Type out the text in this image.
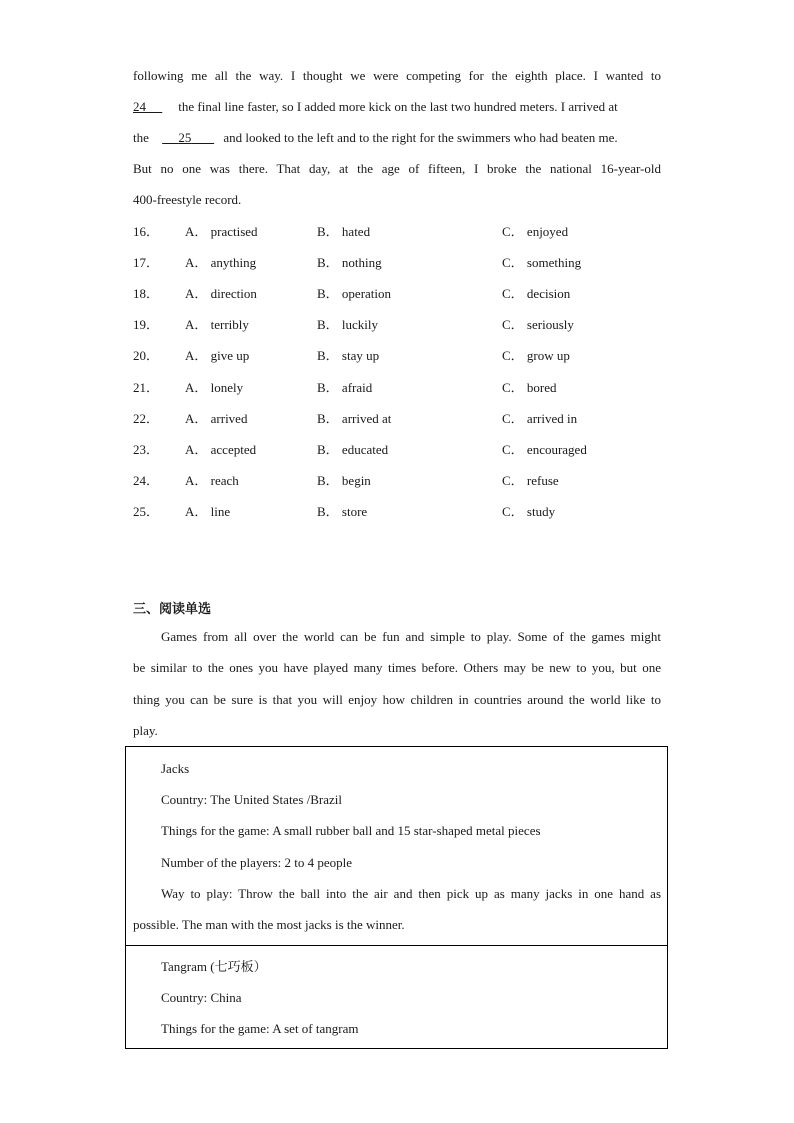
following me all the way. I thought we were competing for the eighth place. I wanted to
24 the final line faster, so I added more kick on the last two hundred meters. I arrived at
the 25 and looked to the left and to the right for the swimmers who had beaten me.
But no one was there. That day, at the age of fifteen, I broke the national 16-year-old
400-freestyle record.
16． A． practised	B． hated	C． enjoyed
17． A． anything	B． nothing	C． something
18． A． direction	B． operation	C． decision
19． A． terribly	B． luckily	C． seriously
20． A． give up	B． stay up	C． grow up
21． A． lonely	B． afraid	C． bored
22． A． arrived	B． arrived at	C． arrived in
23． A． accepted	B． educated	C． encouraged
24． A． reach	B． begin	C． refuse
25． A． line	B． store	C． study
三、阅读单选
Games from all over the world can be fun and simple to play. Some of the games might
be similar to the ones you have played many times before. Others may be new to you, but one
thing you can be sure is that you will enjoy how children in countries around the world like to
play.
Jacks
Country: The United States /Brazil
Things for the game: A small rubber ball and 15 star-shaped metal pieces
Number of the players: 2 to 4 people
Way to play: Throw the ball into the air and then pick up as many jacks in one hand as
possible. The man with the most jacks is the winner.
Tangram (七巧板）
Country: China
Things for the game: A set of tangram
